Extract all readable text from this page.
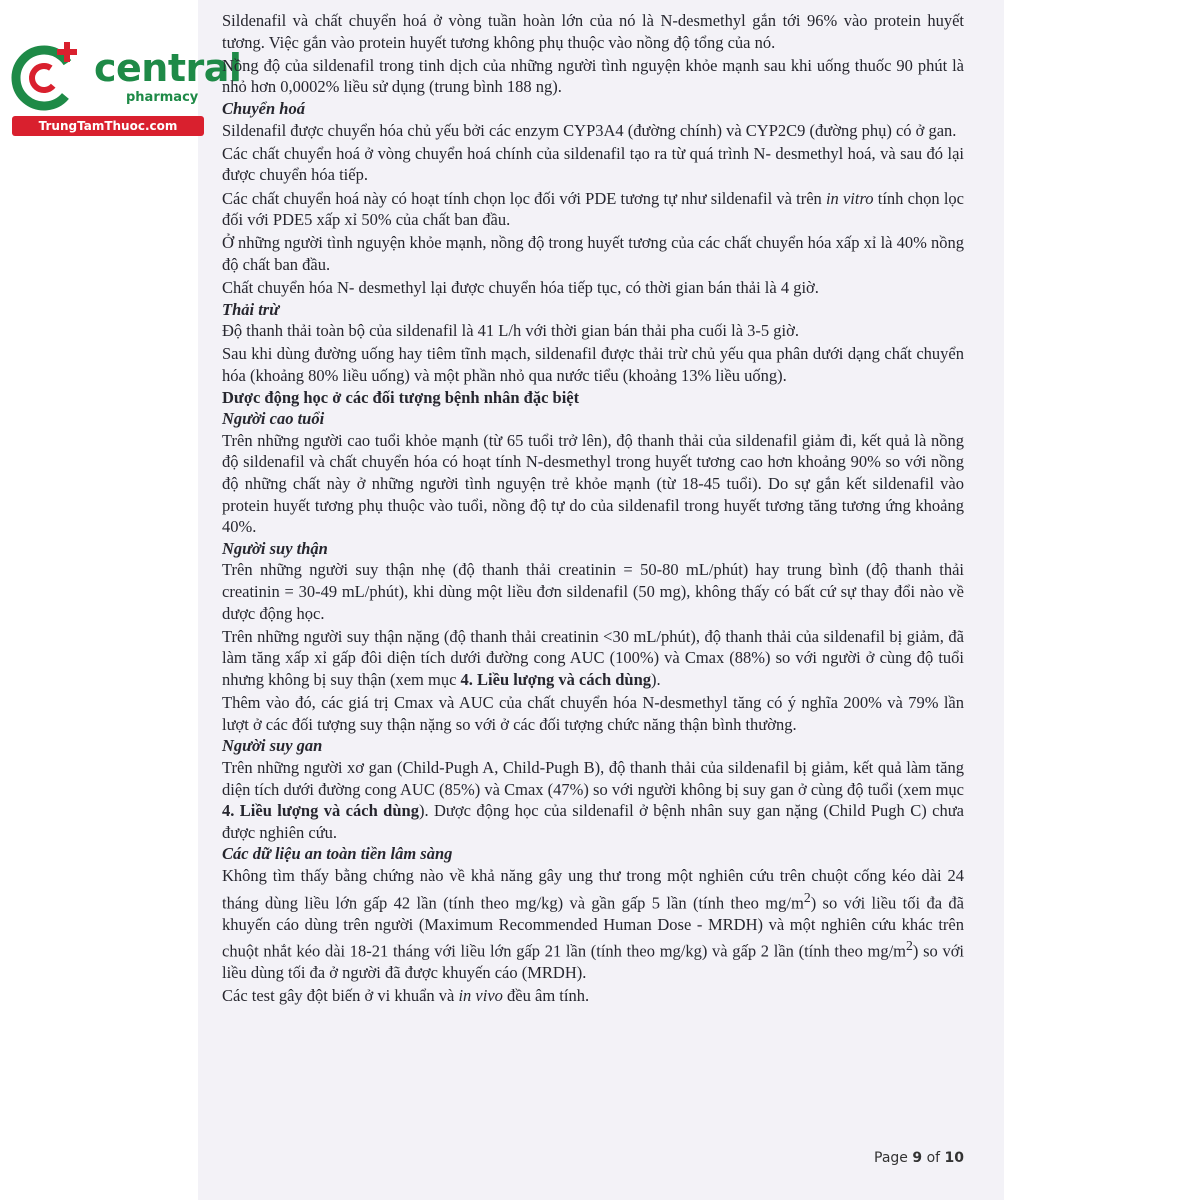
central
pharmacy
TrungTamThuoc.com

Sildenafil và chất chuyển hoá ở vòng tuần hoàn lớn của nó là N-desmethyl gắn tới 96% vào protein huyết tương. Việc gắn vào protein huyết tương không phụ thuộc vào nồng độ tổng của nó.

Nồng độ của sildenafil trong tinh dịch của những người tình nguyện khỏe mạnh sau khi uống thuốc 90 phút là nhỏ hơn 0,0002% liều sử dụng (trung bình 188 ng).

Chuyển hoá

Sildenafil được chuyển hóa chủ yếu bởi các enzym CYP3A4 (đường chính) và CYP2C9 (đường phụ) có ở gan.

Các chất chuyển hoá ở vòng chuyển hoá chính của sildenafil tạo ra từ quá trình N- desmethyl hoá, và sau đó lại được chuyển hóa tiếp.

Các chất chuyển hoá này có hoạt tính chọn lọc đối với PDE tương tự như sildenafil và trên in vitro tính chọn lọc đối với PDE5 xấp xỉ 50% của chất ban đầu.

Ở những người tình nguyện khỏe mạnh, nồng độ trong huyết tương của các chất chuyển hóa xấp xỉ là 40% nồng độ chất ban đầu.

Chất chuyển hóa N- desmethyl lại được chuyển hóa tiếp tục, có thời gian bán thải là 4 giờ.

Thải trừ

Độ thanh thải toàn bộ của sildenafil là 41 L/h với thời gian bán thải pha cuối là 3-5 giờ.

Sau khi dùng đường uống hay tiêm tĩnh mạch, sildenafil được thải trừ chủ yếu qua phân dưới dạng chất chuyển hóa (khoảng 80% liều uống) và một phần nhỏ qua nước tiểu (khoảng 13% liều uống).

Dược động học ở các đối tượng bệnh nhân đặc biệt

Người cao tuổi

Trên những người cao tuổi khỏe mạnh (từ 65 tuổi trở lên), độ thanh thải của sildenafil giảm đi, kết quả là nồng độ sildenafil và chất chuyển hóa có hoạt tính N-desmethyl trong huyết tương cao hơn khoảng 90% so với nồng độ những chất này ở những người tình nguyện trẻ khỏe mạnh (từ 18-45 tuổi). Do sự gắn kết sildenafil vào protein huyết tương phụ thuộc vào tuổi, nồng độ tự do của sildenafil trong huyết tương tăng tương ứng khoảng 40%.

Người suy thận

Trên những người suy thận nhẹ (độ thanh thải creatinin = 50-80 mL/phút) hay trung bình (độ thanh thải creatinin = 30-49 mL/phút), khi dùng một liều đơn sildenafil (50 mg), không thấy có bất cứ sự thay đổi nào về dược động học.

Trên những người suy thận nặng (độ thanh thải creatinin <30 mL/phút), độ thanh thải của sildenafil bị giảm, đã làm tăng xấp xỉ gấp đôi diện tích dưới đường cong AUC (100%) và Cmax (88%) so với người ở cùng độ tuổi nhưng không bị suy thận (xem mục 4. Liều lượng và cách dùng).

Thêm vào đó, các giá trị Cmax và AUC của chất chuyển hóa N-desmethyl tăng có ý nghĩa 200% và 79% lần lượt ở các đối tượng suy thận nặng so với ở các đối tượng chức năng thận bình thường.

Người suy gan

Trên những người xơ gan (Child-Pugh A, Child-Pugh B), độ thanh thải của sildenafil bị giảm, kết quả làm tăng diện tích dưới đường cong AUC (85%) và Cmax (47%) so với người không bị suy gan ở cùng độ tuổi (xem mục 4. Liều lượng và cách dùng). Dược động học của sildenafil ở bệnh nhân suy gan nặng (Child Pugh C) chưa được nghiên cứu.

Các dữ liệu an toàn tiền lâm sàng

Không tìm thấy bằng chứng nào về khả năng gây ung thư trong một nghiên cứu trên chuột cống kéo dài 24 tháng dùng liều lớn gấp 42 lần (tính theo mg/kg) và gần gấp 5 lần (tính theo $mg/m^2$) so với liều tối đa đã khuyến cáo dùng trên người (Maximum Recommended Human Dose - MRDH) và một nghiên cứu khác trên chuột nhắt kéo dài 18-21 tháng với liều lớn gấp 21 lần (tính theo mg/kg) và gấp 2 lần (tính theo $mg/m^2$) so với liều dùng tối đa ở người đã được khuyến cáo (MRDH).

Các test gây đột biến ở vi khuẩn và in vivo đều âm tính.

Page 9 of 10
